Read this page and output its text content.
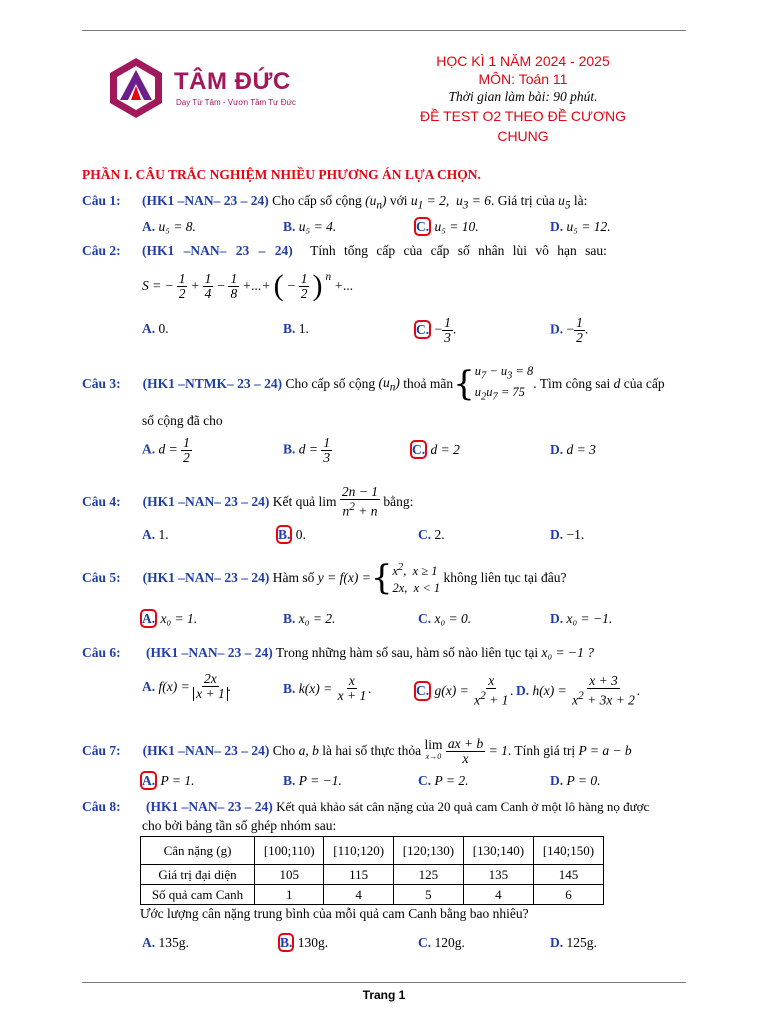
TÂM ĐỨC
Dạy Từ Tâm - Vươn Tầm Tư Đức
HỌC KÌ 1 NĂM 2024 - 2025
MÔN: Toán 11
Thời gian làm bài: 90 phút.
ĐỀ TEST O2 THEO ĐỀ CƯƠNG
CHUNG
PHẦN I. CÂU TRẮC NGHIỆM NHIỀU PHƯƠNG ÁN LỰA CHỌN.
Câu 1: (HK1 –NAN– 23 – 24) Cho cấp số cộng $(u_n)$ với $u_1 = 2$,  $u_3 = 6$. Giá trị của $u_5$ là:
A. u₅ = 8.	B. u₅ = 4.	C. u₅ = 10.	D. u₅ = 12.
Câu 2: (HK1 –NAN– 23 – 24) Tính tổng cấp của cấp số nhân lùi vô hạn sau:
S = − $\frac{1}{2} + \frac{1}{4} - \frac{1}{8}$ +...+ ( − $\frac{1}{2}$ ) $^n$
+...
A. 0.	B. 1.	C. − $\frac{1}{3}$ .	D. − $\frac{1}{2}$ .
Câu 3: (HK1 –NTMK– 23 – 24)
Cho cấp số cộng
$(u_n)$
thoả mãn { $u_7 - u_3 = 8$
$u_2u_7 = 75$
. Tìm công sai
d
của cấp
số cộng đã cho
A. $d = \frac{1}{2}$	B. $d = \frac{1}{3}$	C. d = 2	D. d = 3
Câu 4: (HK1 –NAN– 23 – 24)
Kết quả
lim
$\frac{2n - 1}{n^2 + n}$
bằng:
A. 1.	B. 0.	C. 2.	D. −1.
Câu 5: (HK1 –NAN– 23 – 24)
Hàm số
y = f(x) = { $x^2$,  x ≥ 1
2x,  x < 1

không liên tục tại đâu?
A. x₀ = 1.	B. x₀ = 2.	C. x₀ = 0.	D. x₀ = −1.
Câu 6: (HK1 –NAN– 23 – 24) Trong những hàm số sau, hàm số nào liên tục tại x₀ = −1 ?
A. $f(x) = \frac{2x}{x + 1}$ .	B. $k(x) = \frac{x}{x + 1}$ .	C. $g(x) = \frac{x}{x^2 + 1}$ . D. $h(x) = \frac{x + 3}{x^2 + 3x + 2}$ .
Câu 7: (HK1 –NAN– 23 – 24)
Cho
a, b
là hai số thực thỏa
lim
x→0
$\frac{ax + b}{x}$
= 1 . Tính giá trị
P = a − b
A. P = 1.	B. P = −1.	C. P = 2.	D. P = 0.
Câu 8: (HK1 –NAN– 23 – 24) Kết quả khảo sát cân nặng của 20 quả cam Canh ở một lô hàng nọ được
cho bởi bảng tần số ghép nhóm sau:
Cân nặng (g)	[100;110)	[110;120)	[120;130)	[130;140)	[140;150)
Giá trị đại diện	105	115	125	135	145
Số quả cam Canh	1	4	5	4	6
Ước lượng cân nặng trung bình của mỗi quả cam Canh bằng bao nhiêu?
A. 135g.	B. 130g.	C. 120g.	D. 125g.
Trang 1
